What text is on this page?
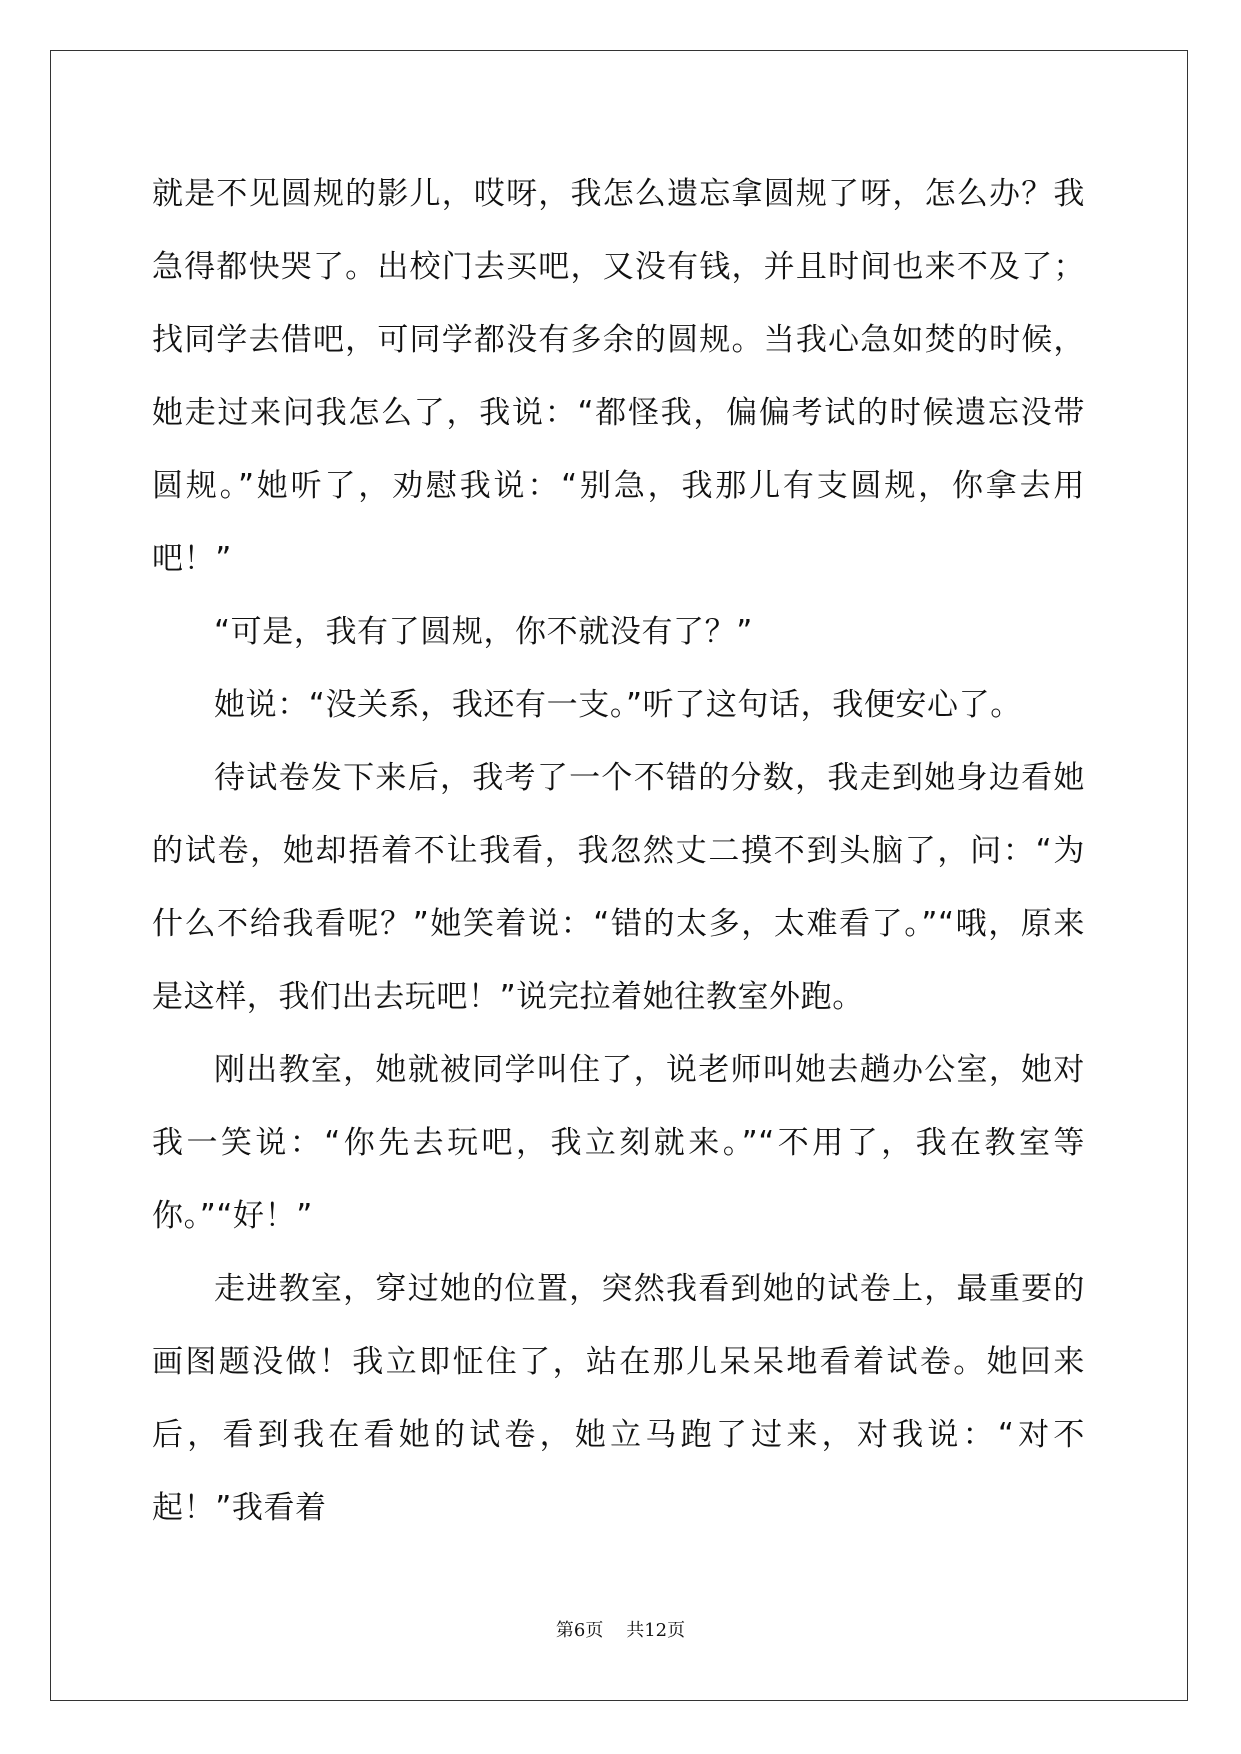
就是不见圆规的影儿，哎呀，我怎么遗忘拿圆规了呀，怎么办？我急得都快哭了。出校门去买吧，又没有钱，并且时间也来不及了；找同学去借吧，可同学都没有多余的圆规。当我心急如焚的时候，她走过来问我怎么了，我说：“都怪我，偏偏考试的时候遗忘没带圆规。”她听了，劝慰我说：“别急，我那儿有支圆规，你拿去用吧！”

“可是，我有了圆规，你不就没有了？”

她说：“没关系，我还有一支。”听了这句话，我便安心了。

待试卷发下来后，我考了一个不错的分数，我走到她身边看她的试卷，她却捂着不让我看，我忽然丈二摸不到头脑了，问：“为什么不给我看呢？”她笑着说：“错的太多，太难看了。”“哦，原来是这样，我们出去玩吧！”说完拉着她往教室外跑。

刚出教室，她就被同学叫住了，说老师叫她去趟办公室，她对我一笑说：“你先去玩吧，我立刻就来。”“不用了，我在教室等你。”“好！”

走进教室，穿过她的位置，突然我看到她的试卷上，最重要的画图题没做！我立即怔住了，站在那儿呆呆地看着试卷。她回来后，看到我在看她的试卷，她立马跑了过来，对我说：“对不起！”我看着

第6页 共12页
